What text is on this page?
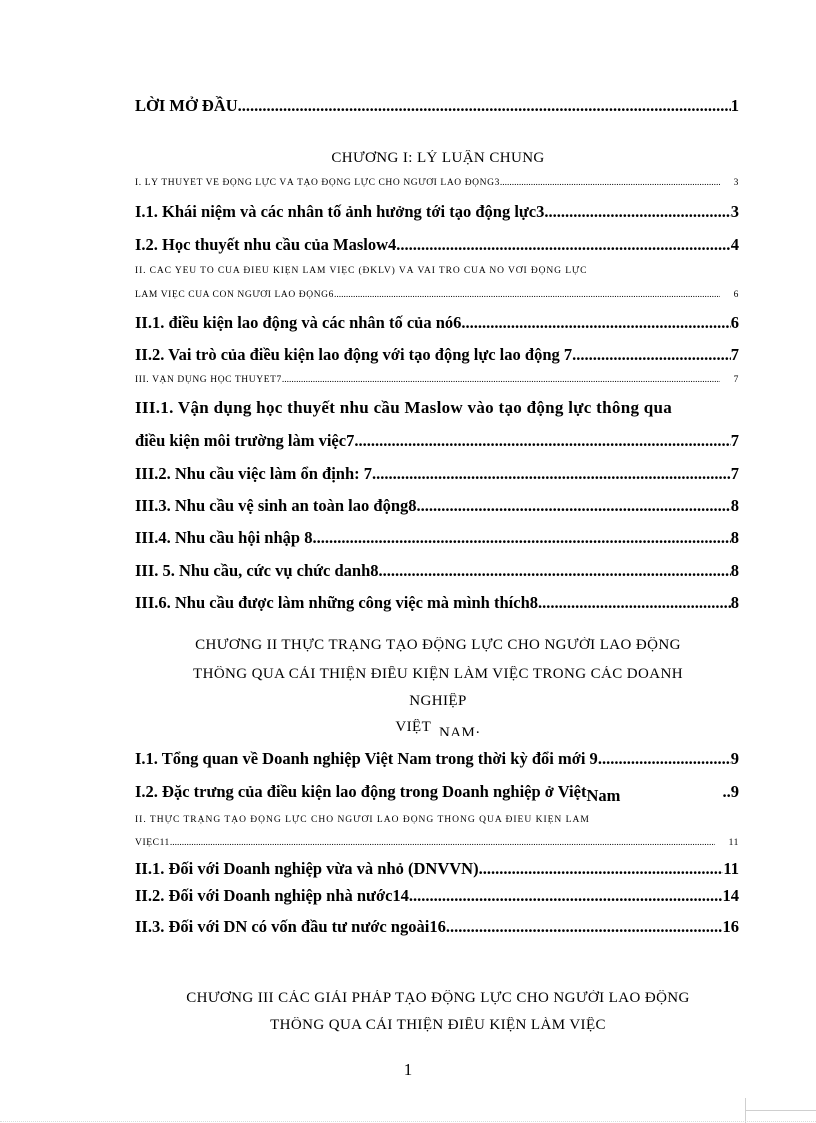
LỜI MỞ ĐẦU .....	1
CHƯƠNG I: LÝ LUẬN CHUNG
I. LÝ THUYẾT VỀ ĐỘNG LỰC VÀ TẠO ĐỘNG LỰC CHO NGƯỜI LAO ĐỘNG3 .....	3
I.1. Khái niệm và các nhân tố ảnh hưởng tới tạo động lực3 .....	3
I.2. Học thuyết nhu cầu của Maslow4 .....	4
II. CÁC YẾU TỐ CỦA ĐIỀU KIỆN LÀM VIỆC (ĐKLV) VÀ VAI TRÒ CỦA NÓ VỚI ĐỘNG LỰC
LÀM VIỆC CỦA CON NGƯỜI LAO ĐỘNG6 .....	6
II.1. điều kiện lao động và các nhân tố của nó6 .....	6
II.2. Vai trò của điều kiện lao động với tạo động lực lao động 7 .....	7
III. VẬN DỤNG HỌC THUYẾT7 .....	7
III.1. Vận dụng học thuyết nhu cầu Maslow vào tạo động lực thông qua
điều kiện môi trường làm việc7 .....	7
III.2. Nhu cầu việc làm ổn định: 7 .....	7
III.3. Nhu cầu vệ sinh an toàn lao động8 .....	8
III.4. Nhu cầu hội nhập 8 .....	8
III. 5. Nhu cầu, cức vụ chức danh8 .....	8
III.6. Nhu cầu được làm những công việc mà mình thích8 .....	8
CHƯƠNG II THỰC TRẠNG TẠO ĐỘNG LỰC CHO NGƯỜI LAO ĐỘNG
THÔNG QUA CẢI THIỆN ĐIỀU KIỆN LÀM VIỆC TRONG CÁC DOANH
NGHIỆP
VIỆT NAM·
I.1. Tổng quan về Doanh nghiệp Việt Nam trong thời kỳ đổi mới 9 .....	9
I.2. Đặc trưng của điều kiện lao động trong Doanh nghiệp ở Việt Nam	..9
II. THỰC TRẠNG TẠO ĐỘNG LỰC CHO NGƯỜI LAO ĐỘNG THÔNG QUA ĐIỀU KIỆN LÀM
VIỆC11 .....	11
II.1. Đối với Doanh nghiệp vừa và nhỏ (DNVVN) .....	11
II.2. Đối với Doanh nghiệp nhà nước14 .....	14
II.3. Đối với DN có vốn đầu tư nước ngoài16 .....	16
CHƯƠNG III CÁC GIẢI PHÁP TẠO ĐỘNG LỰC CHO NGƯỜI LAO ĐỘNG
THÔNG QUA CẢI THIỆN ĐIỀU KIỆN LÀM VIỆC
1
